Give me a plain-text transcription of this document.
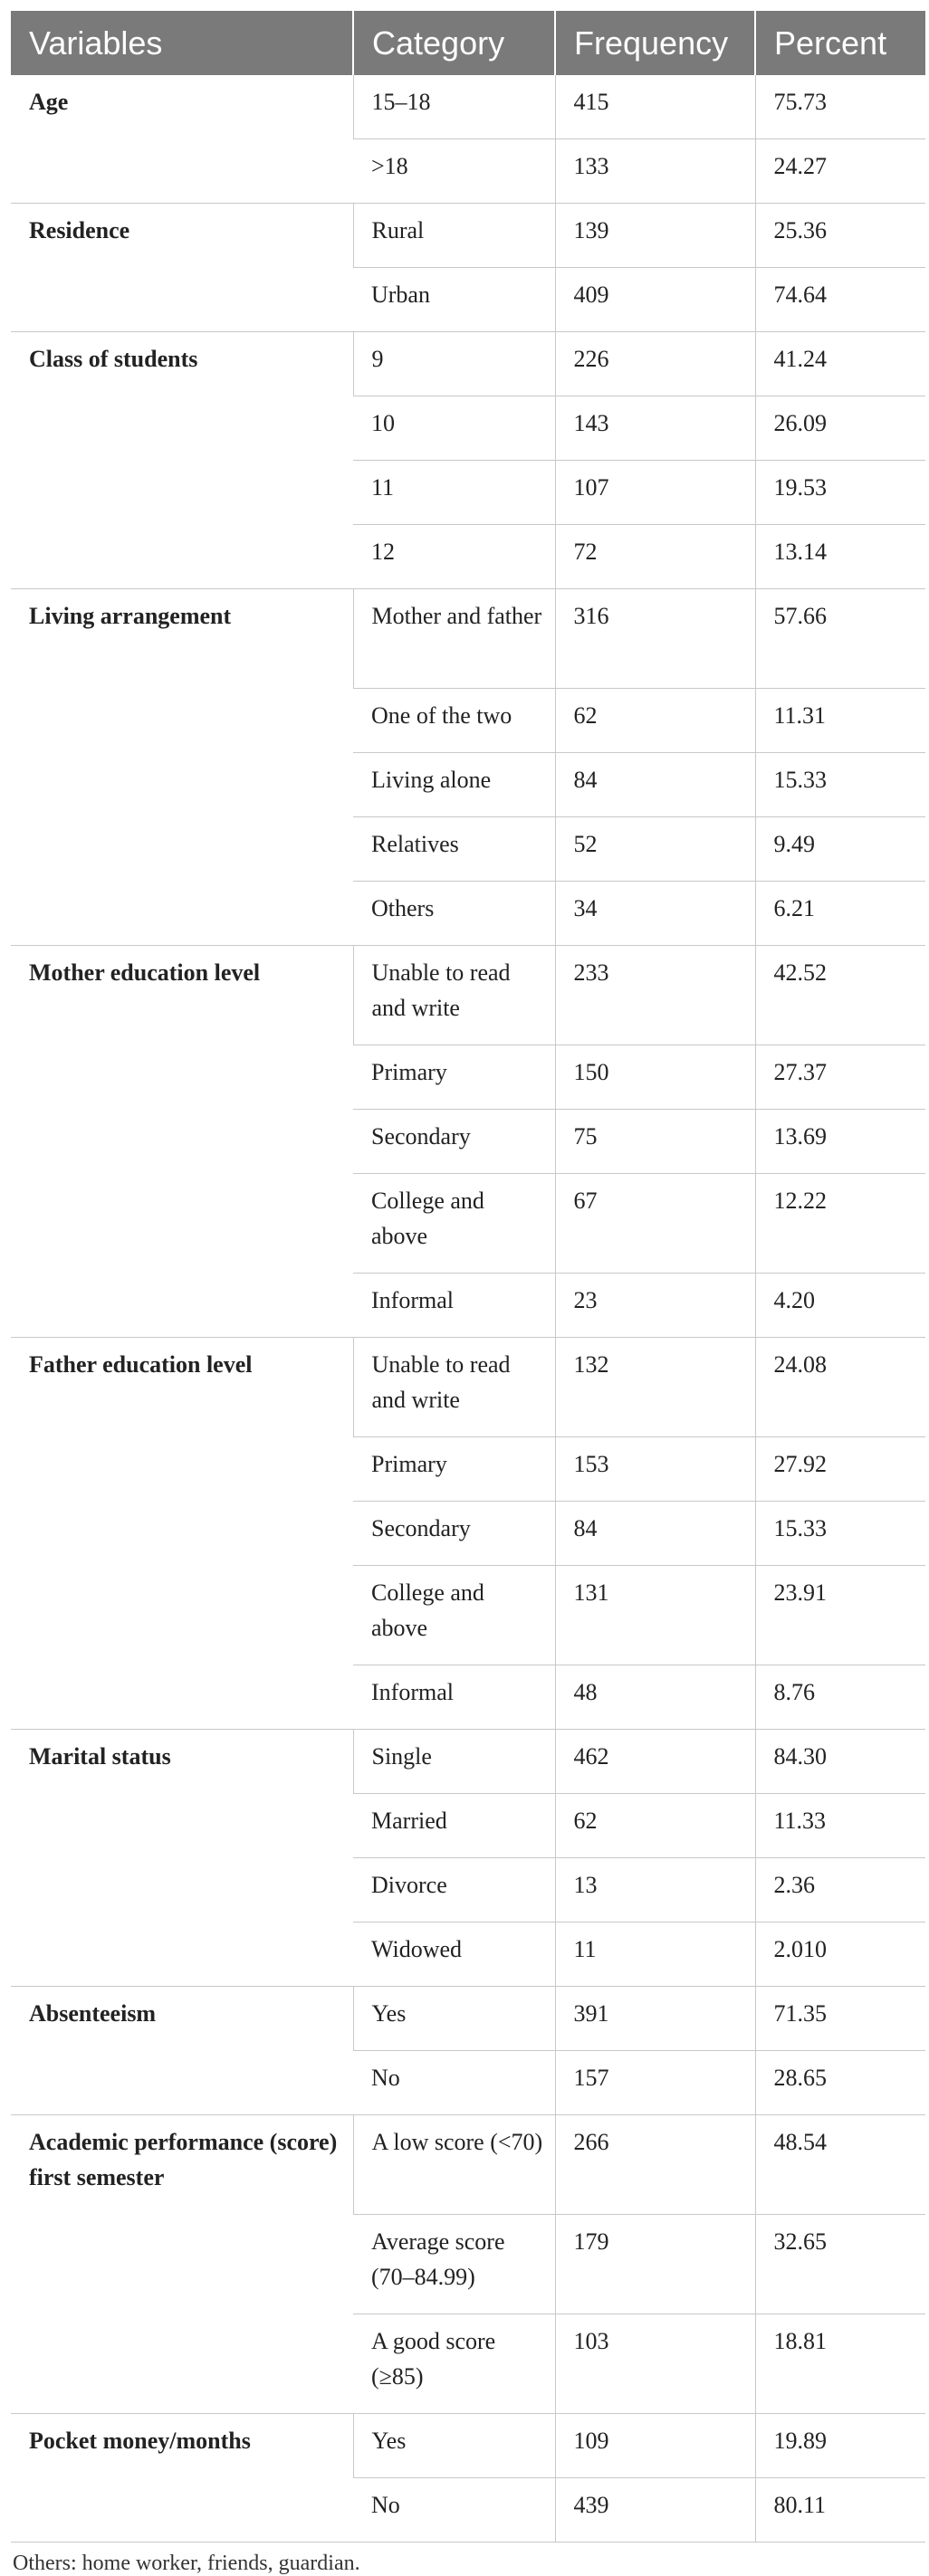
Variables	Category	Frequency	Percent
Age	15–18	415	75.73
	>18	133	24.27
Residence	Rural	139	25.36
	Urban	409	74.64
Class of students	9	226	41.24
	10	143	26.09
	11	107	19.53
	12	72	13.14
Living arrangement	Mother and father	316	57.66
	One of the two	62	11.31
	Living alone	84	15.33
	Relatives	52	9.49
	Others	34	6.21
Mother education level	Unable to read and write	233	42.52
	Primary	150	27.37
	Secondary	75	13.69
	College and above	67	12.22
	Informal	23	4.20
Father education level	Unable to read and write	132	24.08
	Primary	153	27.92
	Secondary	84	15.33
	College and above	131	23.91
	Informal	48	8.76
Marital status	Single	462	84.30
	Married	62	11.33
	Divorce	13	2.36
	Widowed	11	2.010
Absenteeism	Yes	391	71.35
	No	157	28.65
Academic performance (score) first semester	A low score (<70)	266	48.54
	Average score (70–84.99)	179	32.65
	A good score (≥85)	103	18.81
Pocket money/months	Yes	109	19.89
	No	439	80.11
Others: home worker, friends, guardian.
